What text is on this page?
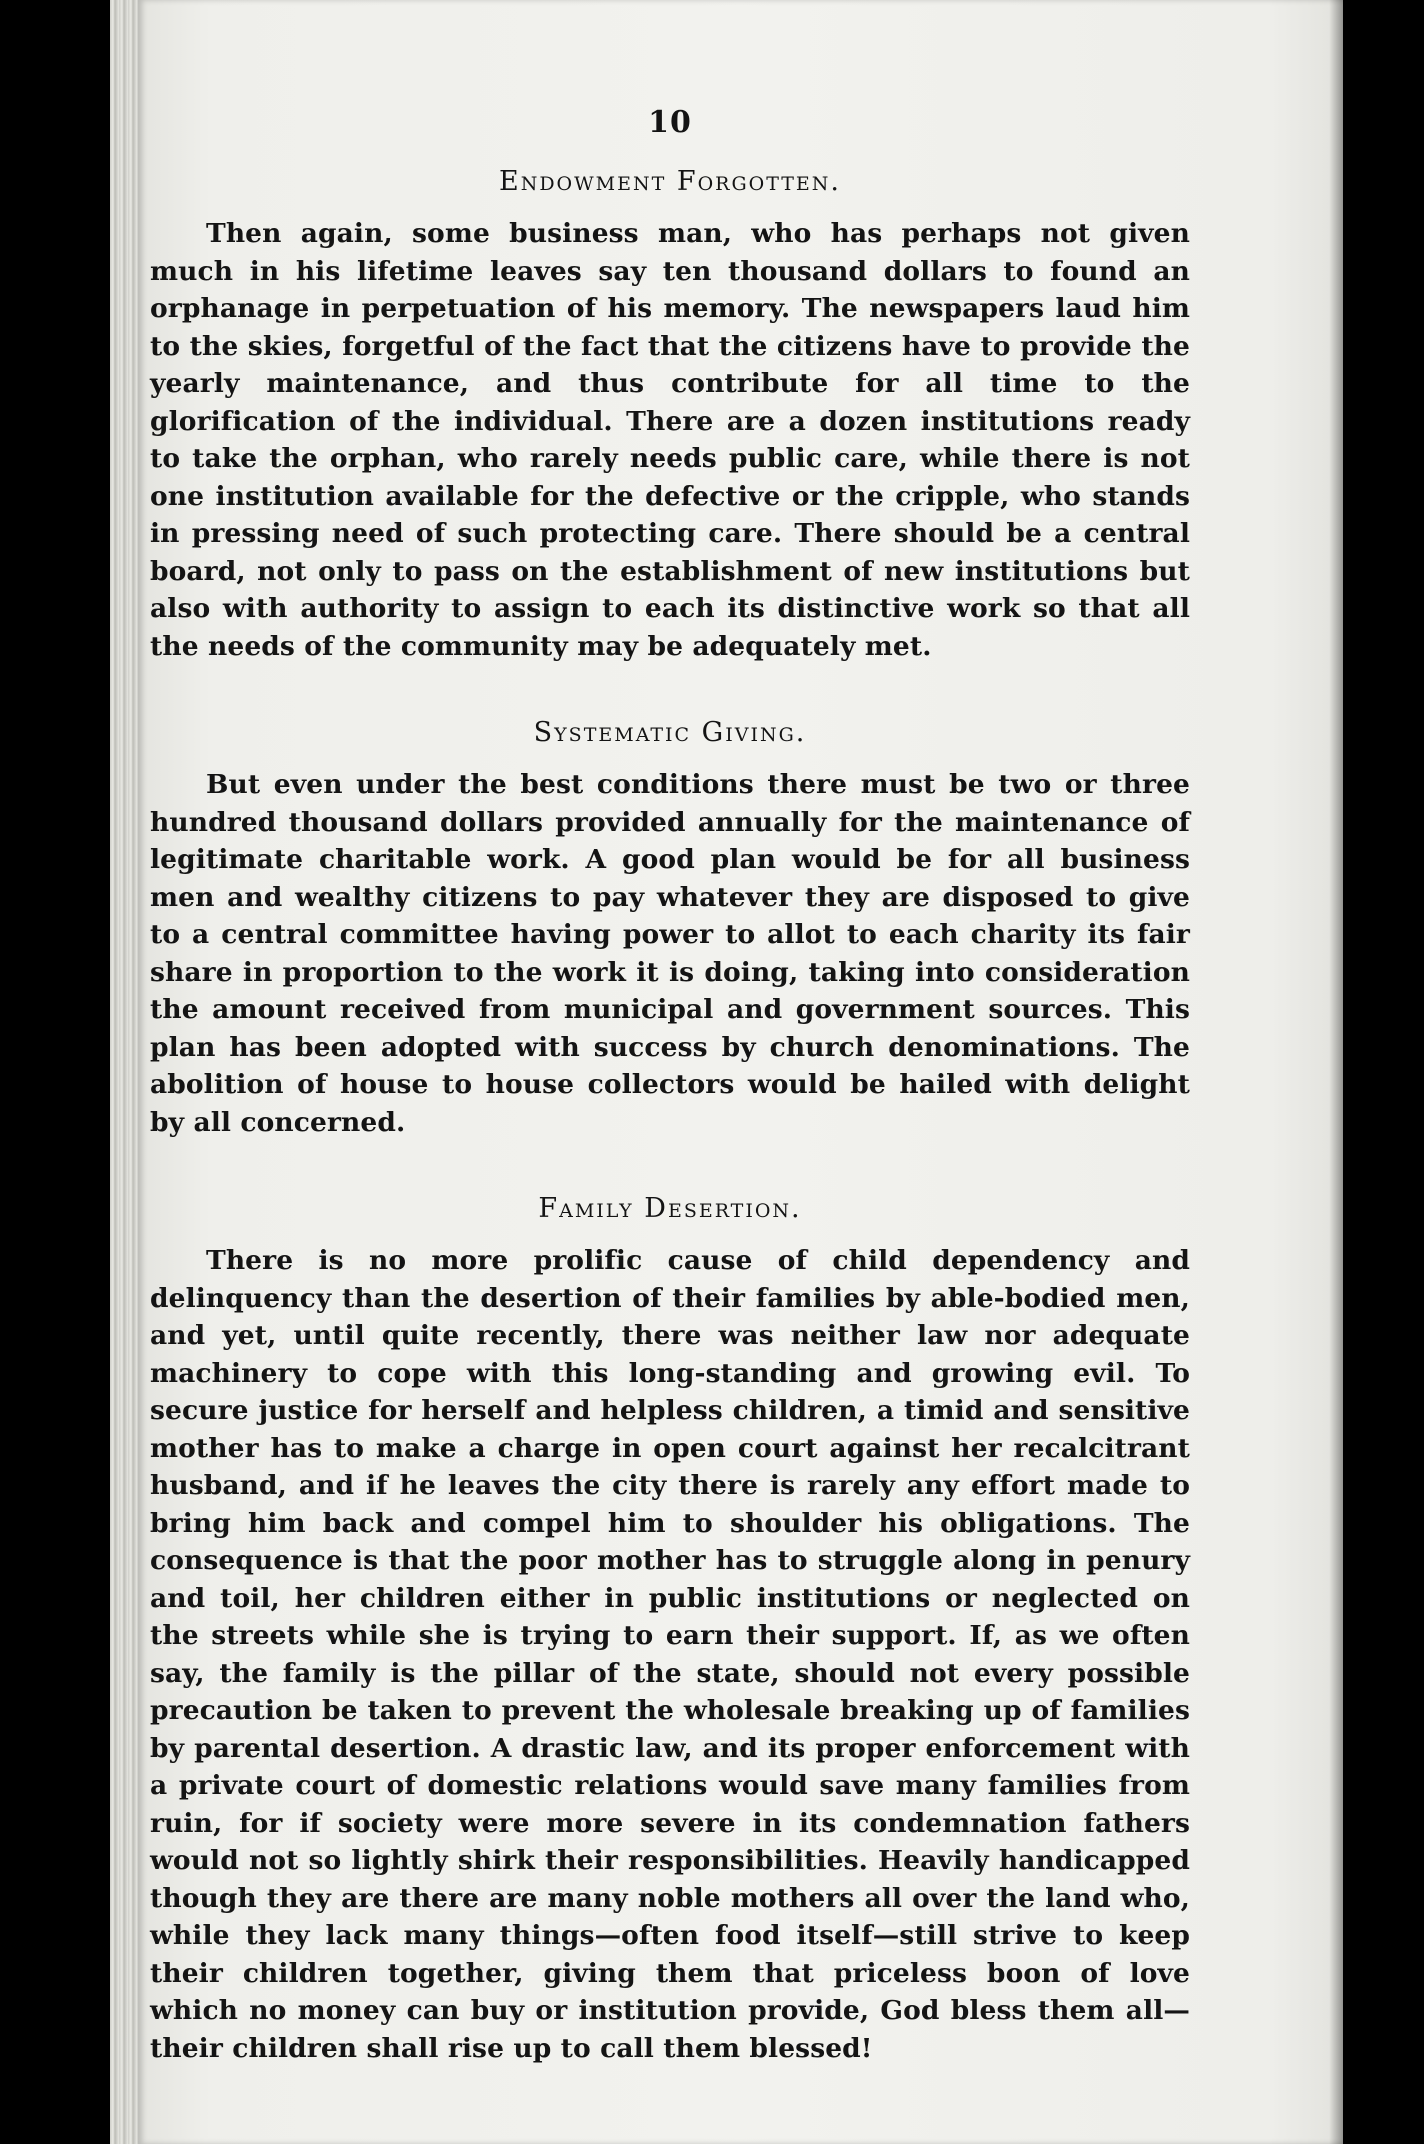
10
Endowment Forgotten.

Then again, some business man, who has perhaps not given much in his lifetime leaves say ten thousand dollars to found an orphanage in perpetuation of his memory. The newspapers laud him to the skies, forgetful of the fact that the citizens have to provide the yearly maintenance, and thus contribute for all time to the glorification of the individual. There are a dozen institutions ready to take the orphan, who rarely needs public care, while there is not one institution available for the defective or the cripple, who stands in pressing need of such protecting care. There should be a central board, not only to pass on the establishment of new institutions but also with authority to assign to each its distinctive work so that all the needs of the community may be adequately met.

Systematic Giving.

But even under the best conditions there must be two or three hundred thousand dollars provided annually for the maintenance of legitimate charitable work. A good plan would be for all business men and wealthy citizens to pay whatever they are disposed to give to a central committee having power to allot to each charity its fair share in proportion to the work it is doing, taking into consideration the amount received from municipal and government sources. This plan has been adopted with success by church denominations. The abolition of house to house collectors would be hailed with delight by all concerned.

Family Desertion.

There is no more prolific cause of child dependency and delinquency than the desertion of their families by able-bodied men, and yet, until quite recently, there was neither law nor adequate machinery to cope with this long-standing and growing evil. To secure justice for herself and helpless children, a timid and sensitive mother has to make a charge in open court against her recalcitrant husband, and if he leaves the city there is rarely any effort made to bring him back and compel him to shoulder his obligations. The consequence is that the poor mother has to struggle along in penury and toil, her children either in public institutions or neglected on the streets while she is trying to earn their support. If, as we often say, the family is the pillar of the state, should not every possible precaution be taken to prevent the wholesale breaking up of families by parental desertion. A drastic law, and its proper enforcement with a private court of domestic relations would save many families from ruin, for if society were more severe in its condemnation fathers would not so lightly shirk their responsibilities. Heavily handicapped though they are there are many noble mothers all over the land who, while they lack many things—often food itself—still strive to keep their children together, giving them that priceless boon of love which no money can buy or institution provide, God bless them all—their children shall rise up to call them blessed!
